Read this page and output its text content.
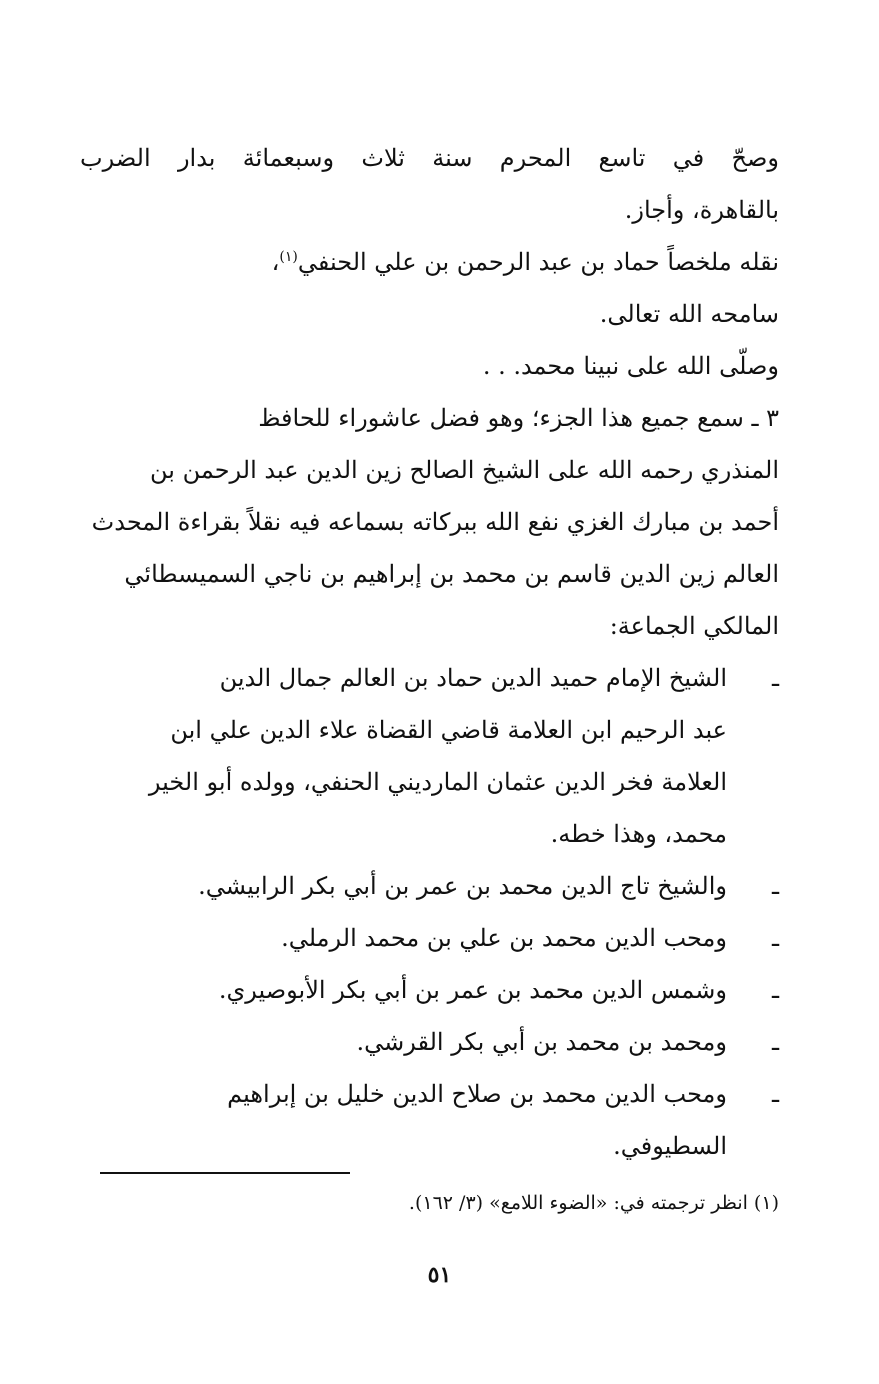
وصحّ في تاسع المحرم سنة ثلاث وسبعمائة بدار الضرب
بالقاهرة، وأجاز.
نقله ملخصاً حماد بن عبد الرحمن بن علي الحنفي$^{(١)}$،
سامحه الله تعالى.
وصلّى الله على نبينا محمد. . .
٣ ـ سمع جميع هذا الجزء؛ وهو فضل عاشوراء للحافظ
المنذري رحمه الله على الشيخ الصالح زين الدين عبد الرحمن بن
أحمد بن مبارك الغزي نفع الله ببركاته بسماعه فيه نقلاً بقراءة المحدث
العالم زين الدين قاسم بن محمد بن إبراهيم بن ناجي السميسطائي
المالكي الجماعة:
ـ
الشيخ الإمام حميد الدين حماد بن العالم جمال الدين
عبد الرحيم ابن العلامة قاضي القضاة علاء الدين علي ابن
العلامة فخر الدين عثمان المارديني الحنفي، وولده أبو الخير
محمد، وهذا خطه.
ـ
والشيخ تاج الدين محمد بن عمر بن أبي بكر الرابيشي.
ـ
ومحب الدين محمد بن علي بن محمد الرملي.
ـ
وشمس الدين محمد بن عمر بن أبي بكر الأبوصيري.
ـ
ومحمد بن محمد بن أبي بكر القرشي.
ـ
ومحب الدين محمد بن صلاح الدين خليل بن إبراهيم
السطيوفي.

(١) انظر ترجمته في: «الضوء اللامع» (٣/ ١٦٢).

٥١
